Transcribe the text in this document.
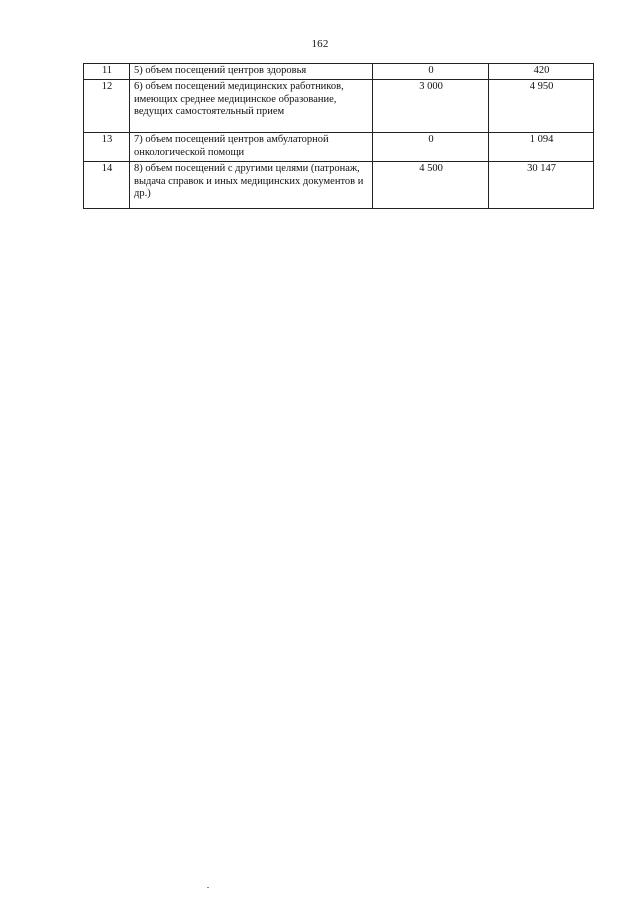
162
11	5) объем посещений центров здоровья	0	420
12	6) объем посещений медицинских работников, имеющих среднее медицинское образование, ведущих самостоятельный прием	3 000	4 950
13	7) объем посещений центров амбулаторной онкологической помощи	0	1 094
14	8) объем посещений с другими целями (патронаж, выдача справок и иных медицинских документов и др.)	4 500	30 147
